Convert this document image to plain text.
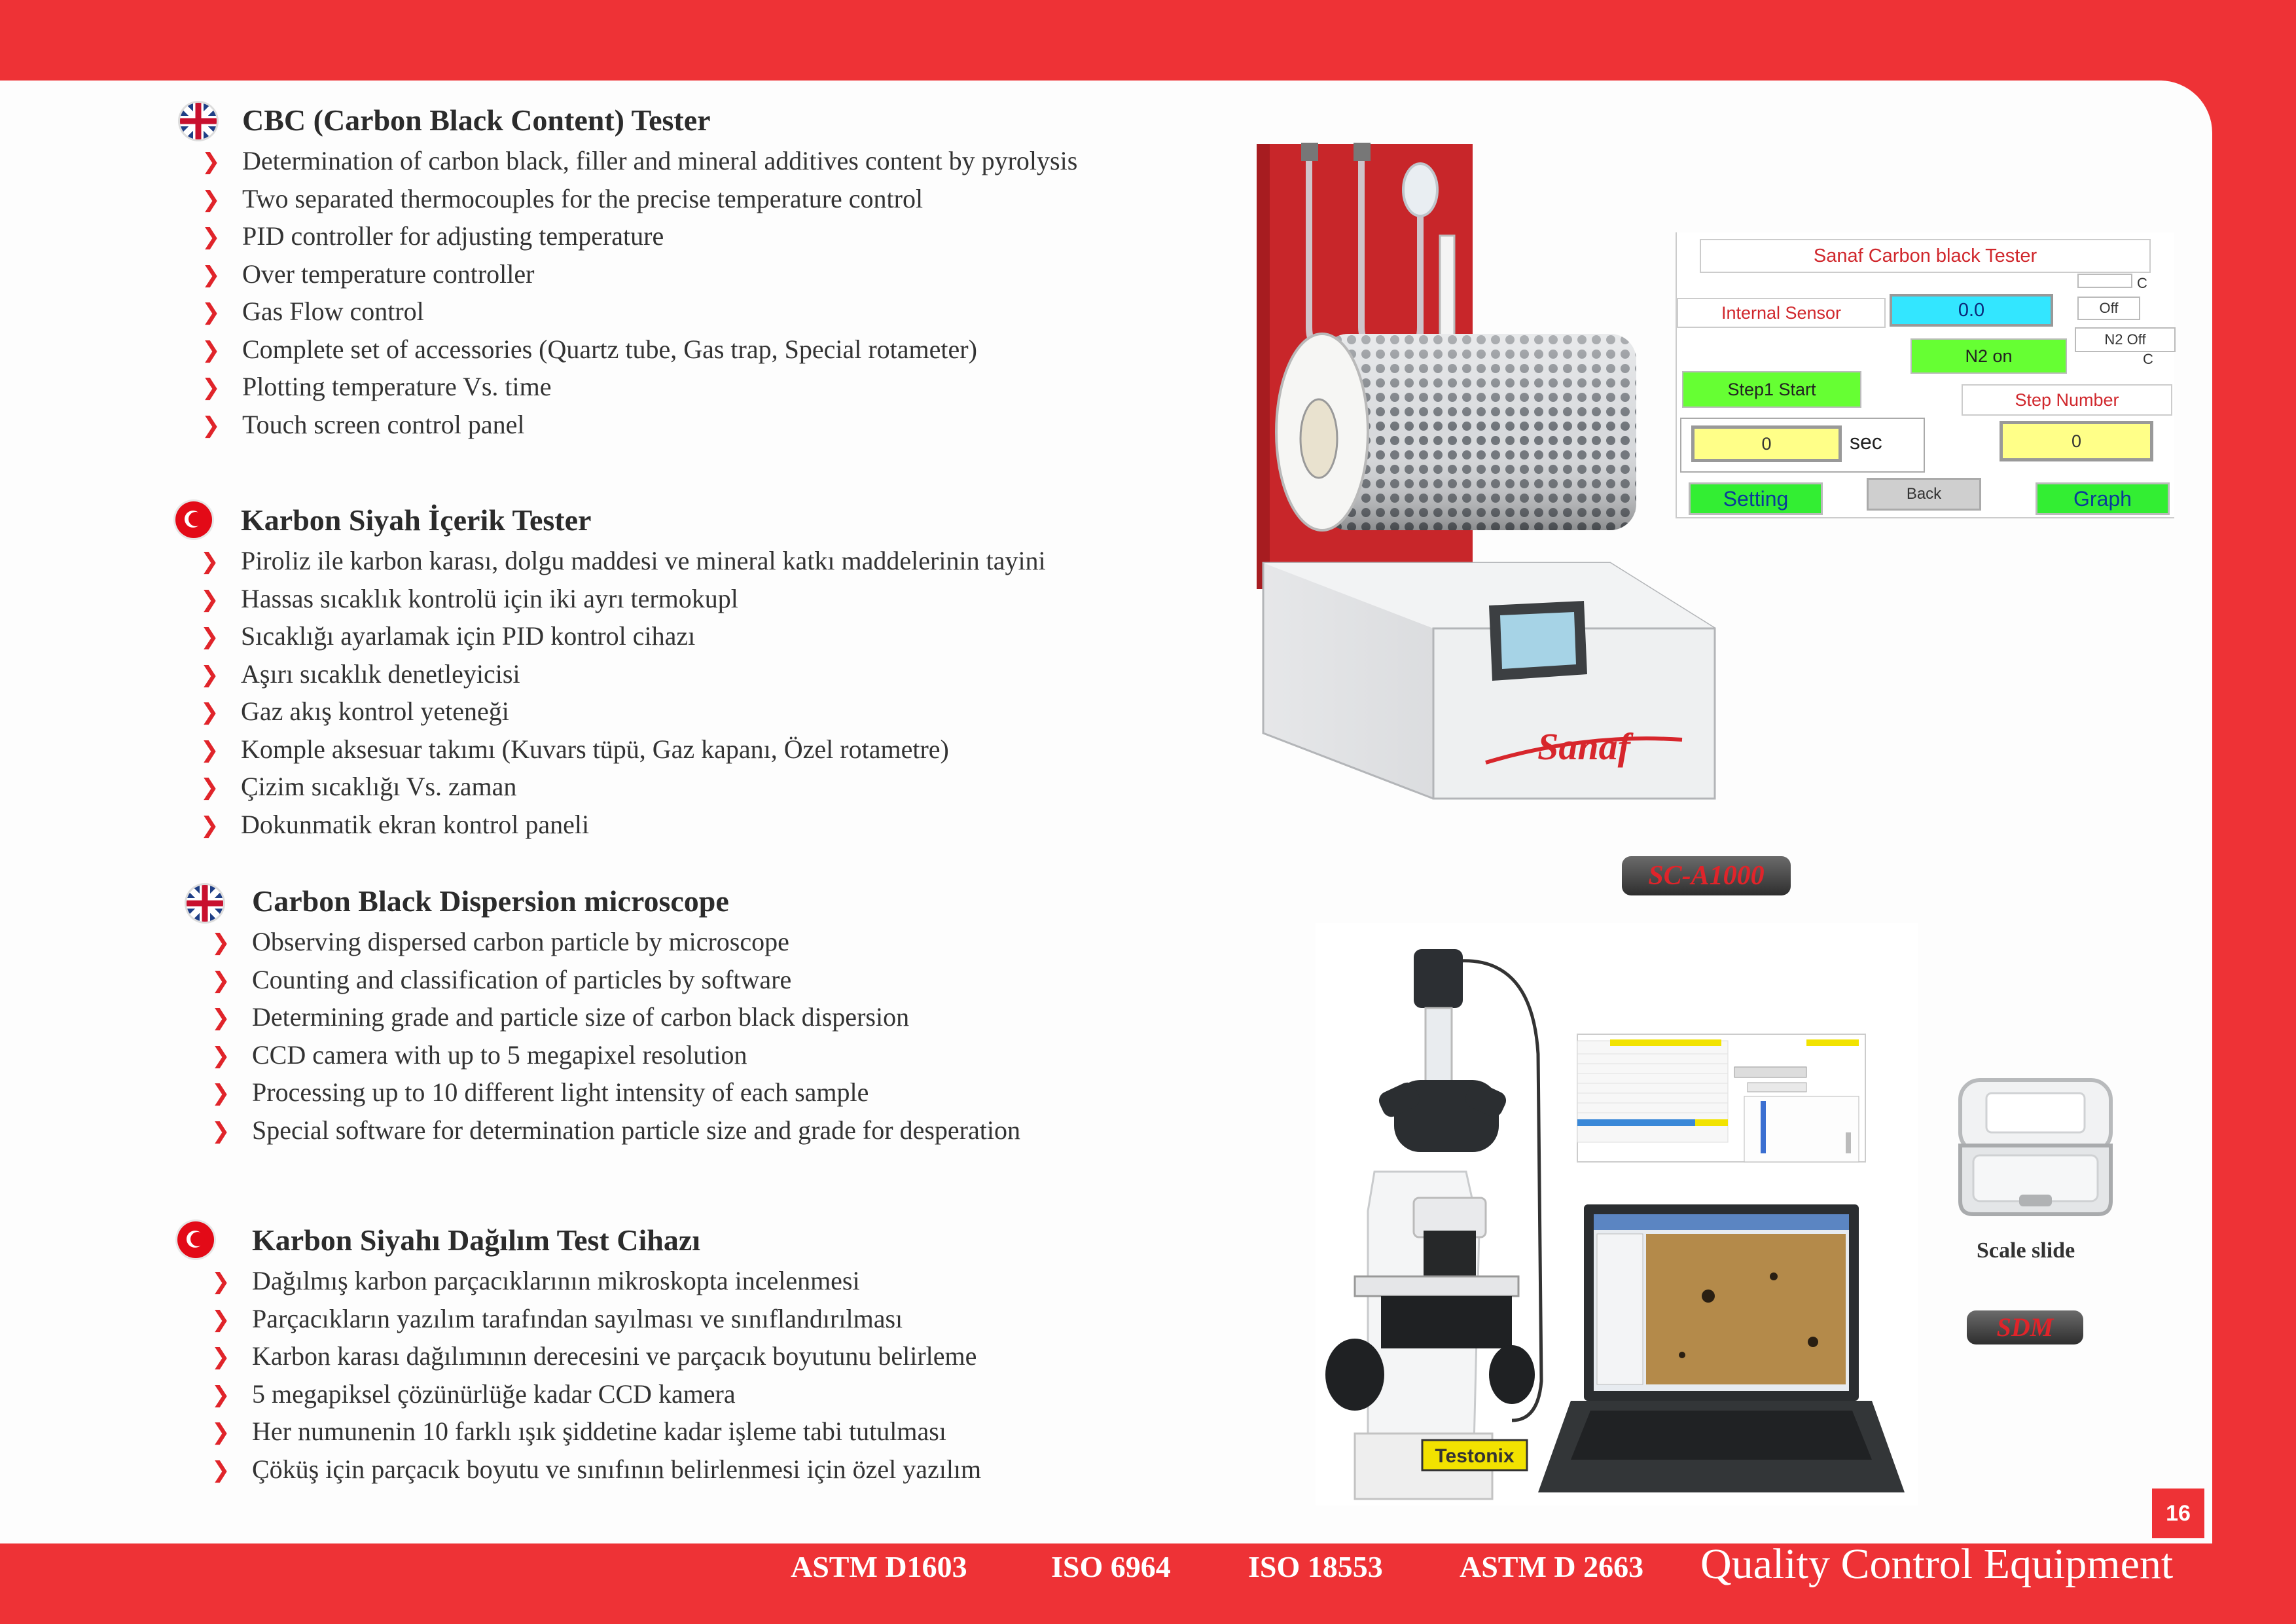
CBC (Carbon Black Content) Tester
❯ Determination of carbon black, filler and mineral additives content by pyrolysis
❯ Two separated thermocouples for the precise temperature control
❯ PID controller for adjusting temperature
❯ Over temperature controller
❯ Gas Flow control
❯ Complete set of accessories (Quartz tube, Gas trap, Special rotameter)
❯ Plotting temperature Vs. time
❯ Touch screen control panel
Karbon Siyah İçerik Tester
❯ Piroliz ile karbon karası, dolgu maddesi ve mineral katkı maddelerinin tayini
❯ Hassas sıcaklık kontrolü için iki ayrı termokupl
❯ Sıcaklığı ayarlamak için PID kontrol cihazı
❯ Aşırı sıcaklık denetleyicisi
❯ Gaz akış kontrol yeteneği
❯ Komple aksesuar takımı (Kuvars tüpü, Gaz kapanı, Özel rotametre)
❯ Çizim sıcaklığı Vs. zaman
❯ Dokunmatik ekran kontrol paneli
Carbon Black Dispersion microscope
❯ Observing dispersed carbon particle by microscope
❯ Counting and classification of particles by software
❯ Determining grade and particle size of carbon black dispersion
❯ CCD camera with up to 5 megapixel resolution
❯ Processing up to 10 different light intensity of each sample
❯ Special software for determination particle size and grade for desperation
Karbon Siyahı Dağılım Test Cihazı
❯ Dağılmış karbon parçacıklarının mikroskopta incelenmesi
❯ Parçacıkların yazılım tarafından sayılması ve sınıflandırılması
❯ Karbon karası dağılımının derecesini ve parçacık boyutunu belirleme
❯ 5 megapiksel çözünürlüğe kadar CCD kamera
❯ Her numunenin 10 farklı ışık şiddetine kadar işleme tabi tutulması
❯ Çöküş için parçacık boyutu ve sınıfının belirlenmesi için özel yazılım
Sanaf
Sanaf Carbon black Tester
C
Internal Sensor	0.0	Off
N2 Off
C
N2 on
Step1 Start
Step Number
0	sec	0
Setting	Back	Graph
SC-A1000
Testonix
Scale slide
SDM
16
ASTM D1603	ISO 6964	ISO 18553	ASTM D 2663 Quality Control Equipment
